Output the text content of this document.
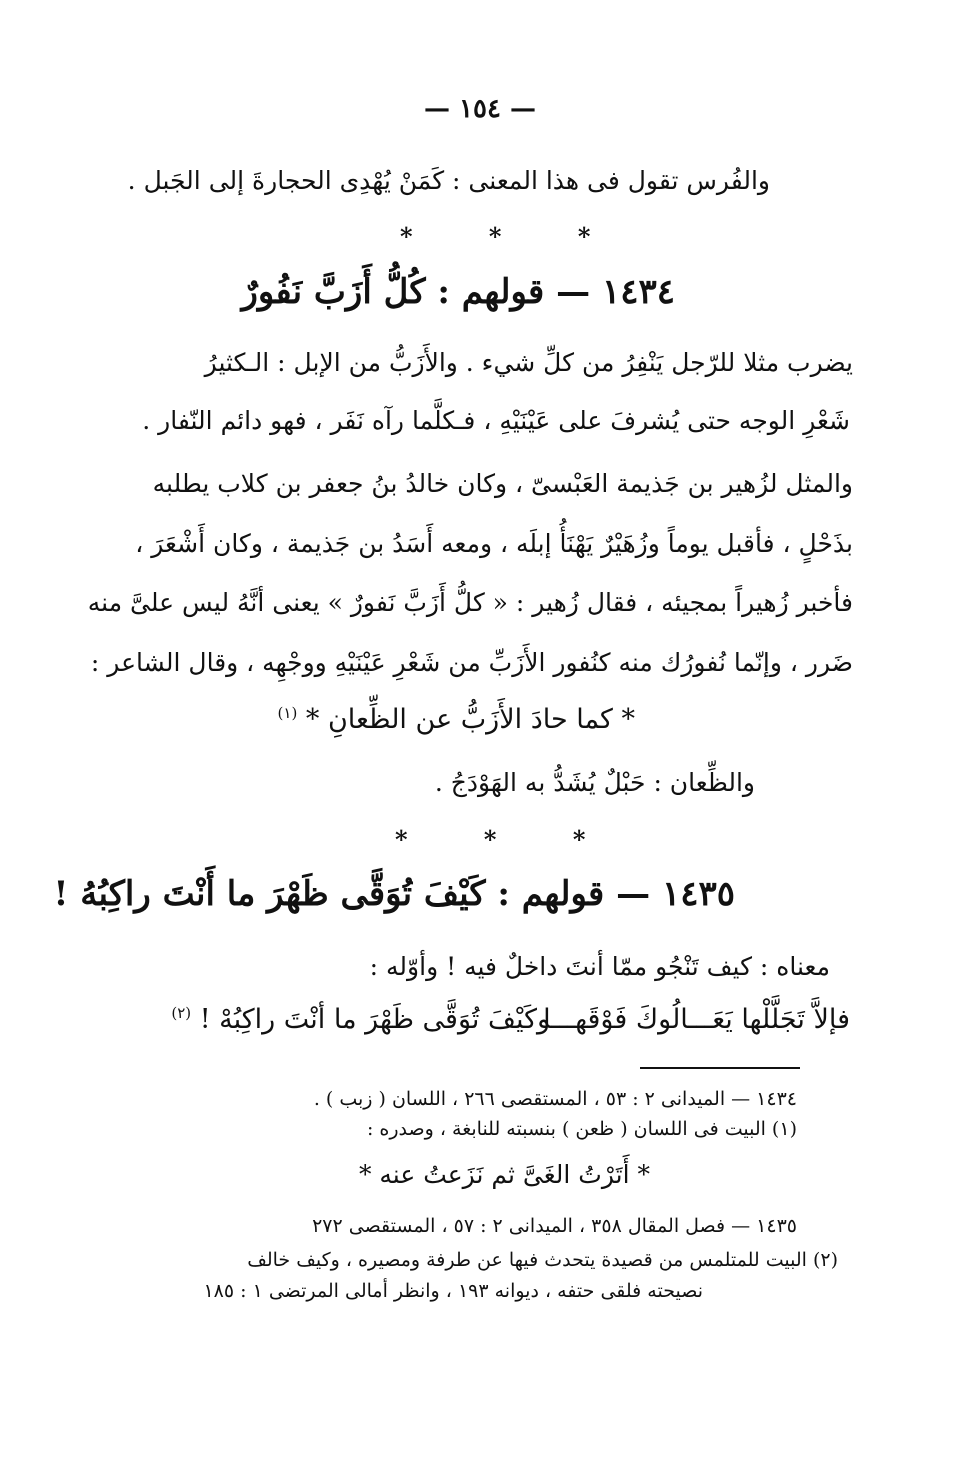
— ١٥٤ —

والفُرس تقول فى هذا المعنى : كَمَنْ يُهْدِى الحجارةَ إلى الجَبل .

* * *
١٤٣٤ — قولهم : كُلُّ أَزَبَّ نَفُورٌ

يضرب مثلا للرّجل يَنْفِرُ من كلِّ شيء . والأَزَبُّ من الإبل : الـكثيرُ

شَعْرِ الوجه حتى يُشرفَ على عَيْنَيْهِ ، فـكلَّما رآه نَفَر ، فهو دائم النّفار .

والمثل لزُهير بن جَذيمة العَبْسىّ ، وكان خالدُ بنُ جعفر بن كلاب يطلبه

بذَحْلٍ ، فأقبل يوماً وزُهَيْرٌ يَهْنَأُ إبلَه ، ومعه أَسَدُ بن جَذيمة ، وكان أَشْعَرَ ،

فأخبر زُهيراً بمجيئه ، فقال زُهير : « كلُّ أَزَبَّ نَفورٌ » يعنى أنَّهُ ليس علىَّ منه

ضَرر ، وإنّما نُفورُك منه كنُفور الأَزَبِّ من شَعْرِ عَيْنَيْهِ ووجْهِه ، وقال الشاعر :

* كما حادَ الأَزَبُّ عن الظِّعانِ * $^{(١)}$

والظِّعان : حَبْلٌ يُشَدُّ به الهَوْدَجُ .

* * *
١٤٣٥ — قولهم : كَيْفَ تُوَقَّى ظَهْرَ ما أَنْتَ راكِبُهُ !

معناه : كيف تَنْجُو ممّا أنتَ داخلٌ فيه ! وأوّله :

فإلاَّ تَجَلَّلْها يَعَـــالُوكَ فَوْقَهـــا

وكَيْفَ تُوَقَّى ظَهْرَ ما أنْتَ راكِبُهْ ! $^{(٢)}$

١٤٣٤ — الميدانى ٢ : ٥٣ ، المستقصى ٢٦٦ ، اللسان ( زبب ) .

(١) البيت فى اللسان ( ظعن ) بنسبته للنابغة ، وصدره :

* أَتَرْتُ الغَىَّ ثم نَزَعتُ عنه *

١٤٣٥ — فصل المقال ٣٥٨ ، الميدانى ٢ : ٥٧ ، المستقصى ٢٧٢

(٢) البيت للمتلمس من قصيدة يتحدث فيها عن طرفة ومصيره ، وكيف خالف

نصيحته فلقى حتفه ، ديوانه ١٩٣ ، وانظر أمالى المرتضى ١ : ١٨٥
